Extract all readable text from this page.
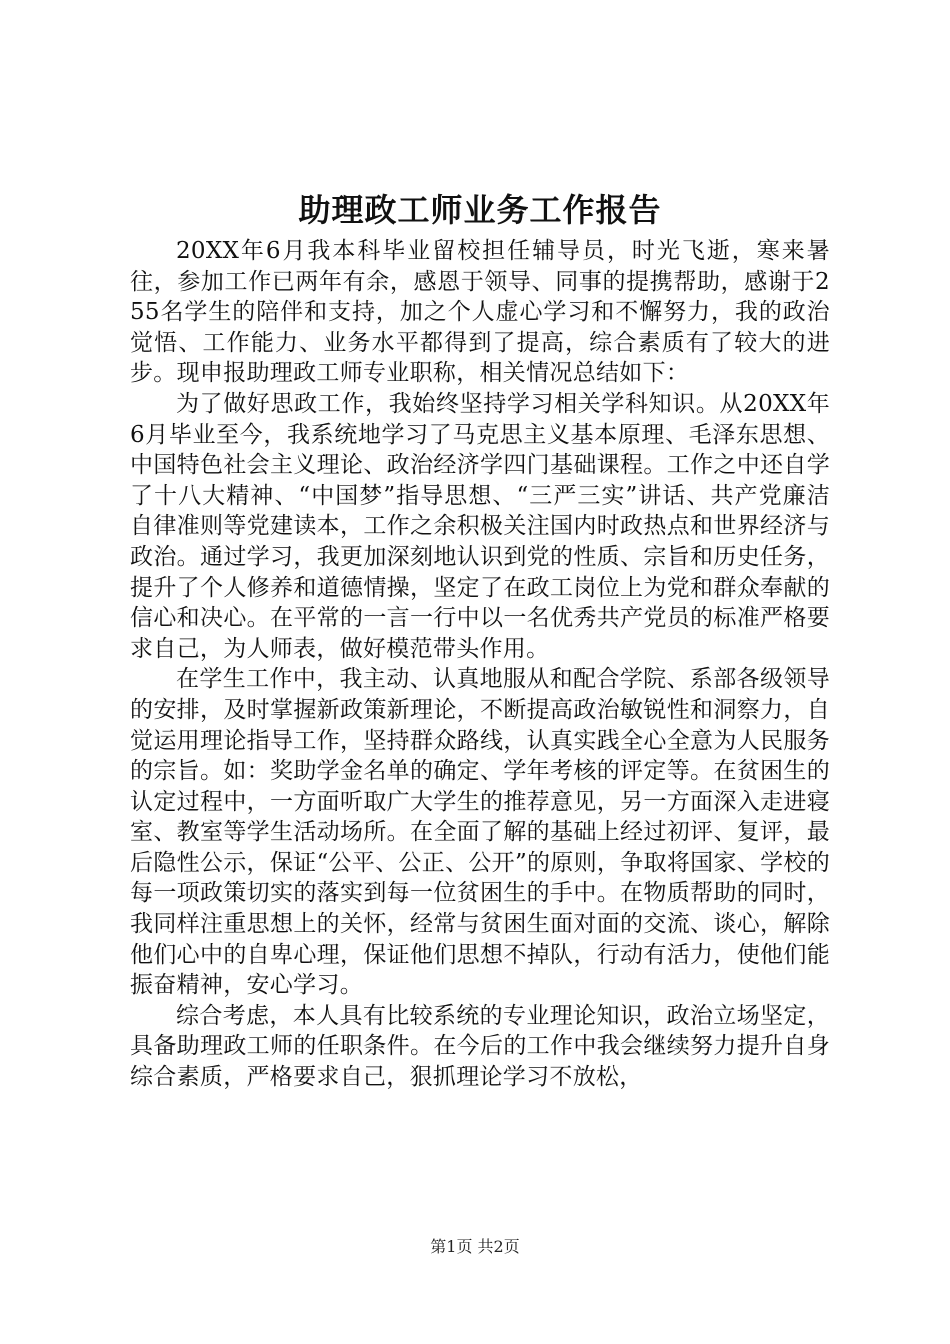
助理政工师业务工作报告

20XX年6月我本科毕业留校担任辅导员，时光飞逝，寒来暑往，参加工作已两年有余，感恩于领导、同事的提携帮助，感谢于255名学生的陪伴和支持，加之个人虚心学习和不懈努力，我的政治觉悟、工作能力、业务水平都得到了提高，综合素质有了较大的进步。现申报助理政工师专业职称，相关情况总结如下：

为了做好思政工作，我始终坚持学习相关学科知识。从20XX年6月毕业至今，我系统地学习了马克思主义基本原理、毛泽东思想、中国特色社会主义理论、政治经济学四门基础课程。工作之中还自学了十八大精神、“中国梦”指导思想、“三严三实”讲话、共产党廉洁自律准则等党建读本，工作之余积极关注国内时政热点和世界经济与政治。通过学习，我更加深刻地认识到党的性质、宗旨和历史任务，提升了个人修养和道德情操，坚定了在政工岗位上为党和群众奉献的信心和决心。在平常的一言一行中以一名优秀共产党员的标准严格要求自己，为人师表，做好模范带头作用。

在学生工作中，我主动、认真地服从和配合学院、系部各级领导的安排，及时掌握新政策新理论，不断提高政治敏锐性和洞察力，自觉运用理论指导工作，坚持群众路线，认真实践全心全意为人民服务的宗旨。如：奖助学金名单的确定、学年考核的评定等。在贫困生的认定过程中，一方面听取广大学生的推荐意见，另一方面深入走进寝室、教室等学生活动场所。在全面了解的基础上经过初评、复评，最后隐性公示，保证“公平、公正、公开”的原则，争取将国家、学校的每一项政策切实的落实到每一位贫困生的手中。在物质帮助的同时，我同样注重思想上的关怀，经常与贫困生面对面的交流、谈心，解除他们心中的自卑心理，保证他们思想不掉队，行动有活力，使他们能振奋精神，安心学习。

综合考虑，本人具有比较系统的专业理论知识，政治立场坚定，具备助理政工师的任职条件。在今后的工作中我会继续努力提升自身综合素质，严格要求自己，狠抓理论学习不放松，

第1页 共2页
